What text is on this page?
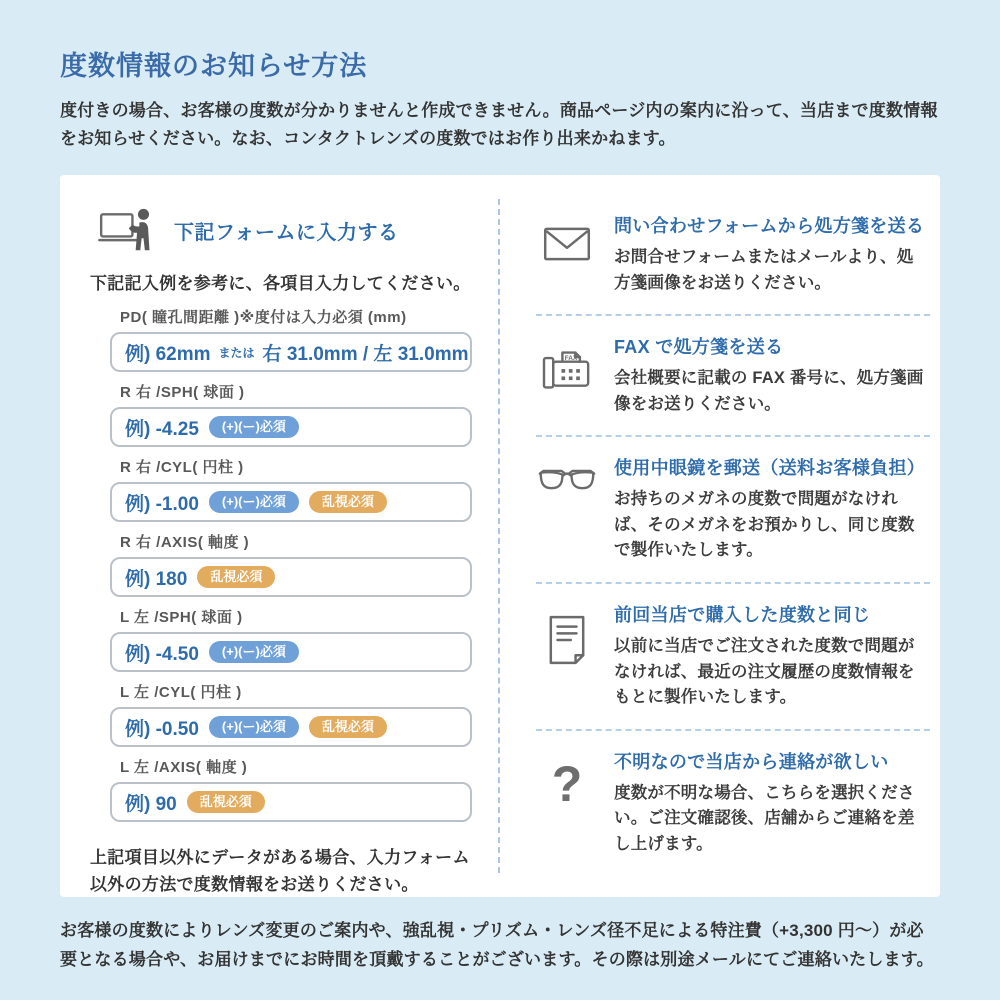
度数情報のお知らせ方法

度付きの場合、お客様の度数が分かりませんと作成できません。商品ページ内の案内に沿って、当店まで度数情報をお知らせください。なお、コンタクトレンズの度数ではお作り出来かねます。

下記フォームに入力する

下記記入例を参考に、各項目入力してください。

PD( 瞳孔間距離 )※度付は入力必須 (mm)
例) 62mm または 右 31.0mm / 左 31.0mm
R 右 /SPH( 球面 )
例) -4.25	(+)(ー)必須
R 右 /CYL( 円柱 )
例) -1.00	(+)(ー)必須	乱視必須
R 右 /AXIS( 軸度 )
例) 180	乱視必須
L 左 /SPH( 球面 )
例) -4.50	(+)(ー)必須
L 左 /CYL( 円柱 )
例) -0.50	(+)(ー)必須	乱視必須
L 左 /AXIS( 軸度 )
例) 90	乱視必須

上記項目以外にデータがある場合、入力フォーム以外の方法で度数情報をお送りください。

問い合わせフォームから処方箋を送る
お問合せフォームまたはメールより、処方箋画像をお送りください。
FAX
FAX で処方箋を送る
会社概要に記載の FAX 番号に、処方箋画像をお送りください。
使用中眼鏡を郵送（送料お客様負担）
お持ちのメガネの度数で問題がなければ、そのメガネをお預かりし、同じ度数で製作いたします。
前回当店で購入した度数と同じ
以前に当店でご注文された度数で問題がなければ、最近の注文履歴の度数情報をもとに製作いたします。
? 不明なので当店から連絡が欲しい
度数が不明な場合、こちらを選択ください。ご注文確認後、店舗からご連絡を差し上げます。

お客様の度数によりレンズ変更のご案内や、強乱視・プリズム・レンズ径不足による特注費（+3,300 円～）が必要となる場合や、お届けまでにお時間を頂戴することがございます。その際は別途メールにてご連絡いたします。
